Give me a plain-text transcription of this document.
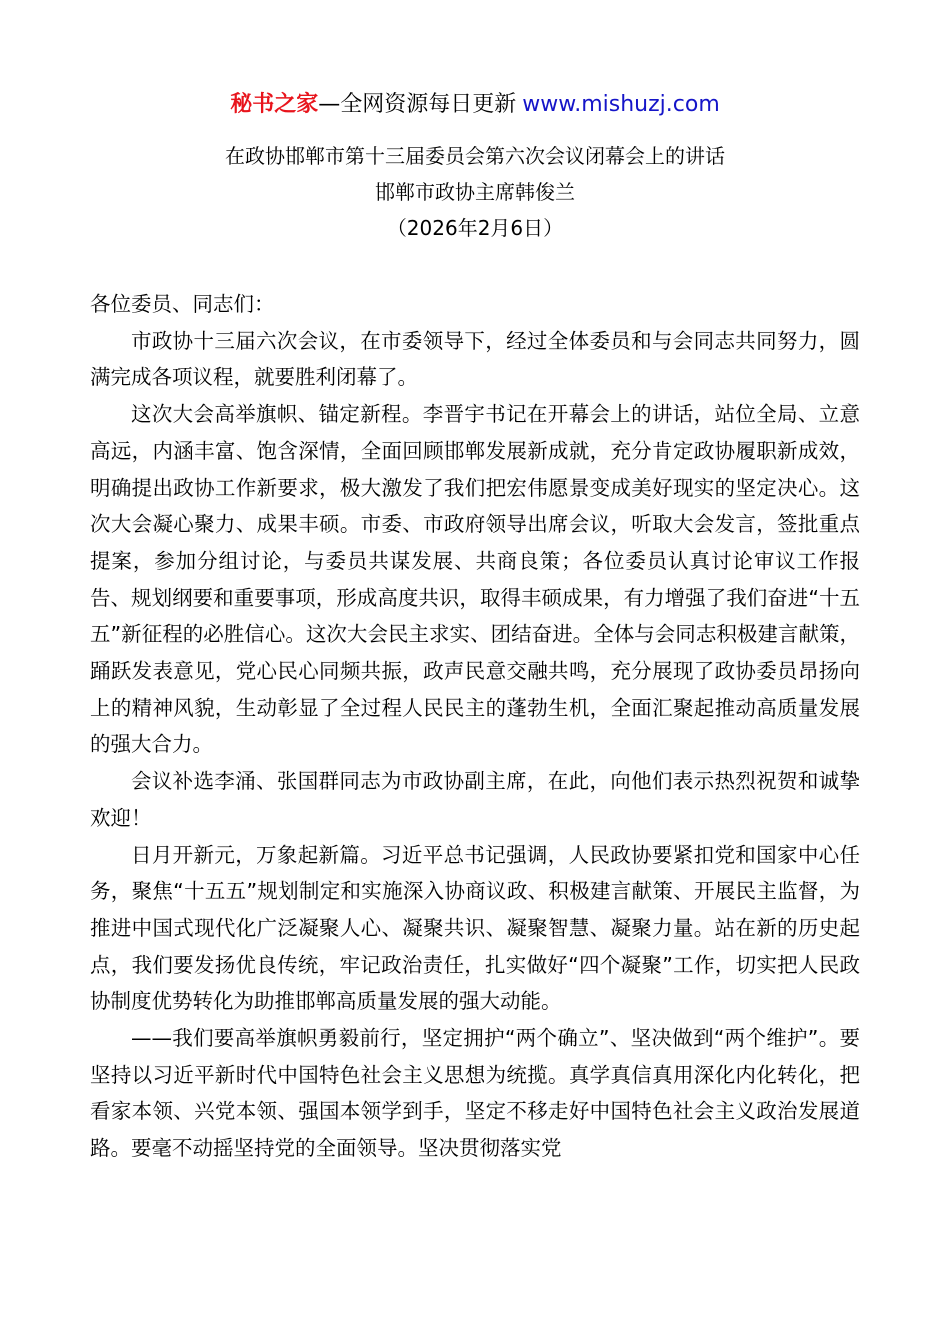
秘书之家—全网资源每日更新 www.mishuzj.com
在政协邯郸市第十三届委员会第六次会议闭幕会上的讲话
邯郸市政协主席韩俊兰
（2026年2月6日）

各位委员、同志们：

市政协十三届六次会议，在市委领导下，经过全体委员和与会同志共同努力，圆满完成各项议程，就要胜利闭幕了。

这次大会高举旗帜、锚定新程。李晋宇书记在开幕会上的讲话，站位全局、立意高远，内涵丰富、饱含深情，全面回顾邯郸发展新成就，充分肯定政协履职新成效，明确提出政协工作新要求，极大激发了我们把宏伟愿景变成美好现实的坚定决心。这次大会凝心聚力、成果丰硕。市委、市政府领导出席会议，听取大会发言，签批重点提案，参加分组讨论，与委员共谋发展、共商良策；各位委员认真讨论审议工作报告、规划纲要和重要事项，形成高度共识，取得丰硕成果，有力增强了我们奋进“十五五”新征程的必胜信心。这次大会民主求实、团结奋进。全体与会同志积极建言献策，踊跃发表意见，党心民心同频共振，政声民意交融共鸣，充分展现了政协委员昂扬向上的精神风貌，生动彰显了全过程人民民主的蓬勃生机，全面汇聚起推动高质量发展的强大合力。

会议补选李涌、张国群同志为市政协副主席，在此，向他们表示热烈祝贺和诚挚欢迎！

日月开新元，万象起新篇。习近平总书记强调，人民政协要紧扣党和国家中心任务，聚焦“十五五”规划制定和实施深入协商议政、积极建言献策、开展民主监督，为推进中国式现代化广泛凝聚人心、凝聚共识、凝聚智慧、凝聚力量。站在新的历史起点，我们要发扬优良传统，牢记政治责任，扎实做好“四个凝聚”工作，切实把人民政协制度优势转化为助推邯郸高质量发展的强大动能。

——我们要高举旗帜勇毅前行，坚定拥护“两个确立”、坚决做到“两个维护”。要坚持以习近平新时代中国特色社会主义思想为统揽。真学真信真用深化内化转化，把看家本领、兴党本领、强国本领学到手，坚定不移走好中国特色社会主义政治发展道路。要毫不动摇坚持党的全面领导。坚决贯彻落实党
